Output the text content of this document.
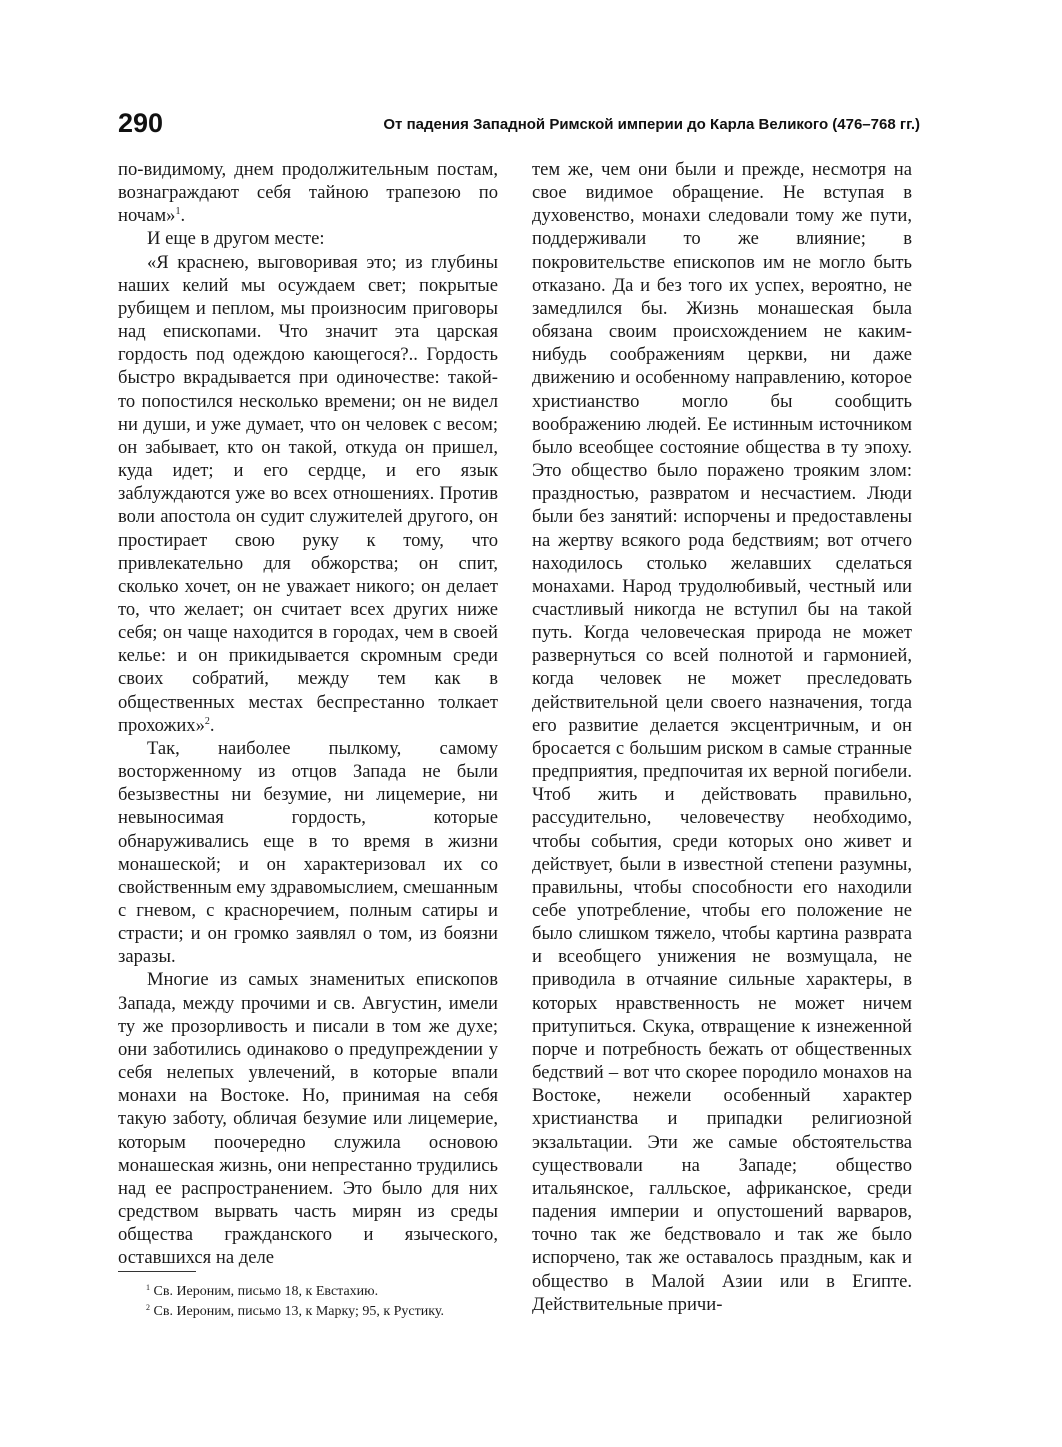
290	От падения Западной Римской империи до Карла Великого (476–768 гг.)

по-видимому, днем продолжительным постам, вознаграждают себя тайною трапезою по ночам»$^1$.

И еще в другом месте:

«Я краснею, выговоривая это; из глубины наших келий мы осуждаем свет; покрытые рубищем и пеплом, мы произносим приговоры над епископами. Что значит эта царская гордость под одеждою кающегося?.. Гордость быстро вкрадывается при одиночестве: такой-то попостился несколько времени; он не видел ни души, и уже думает, что он человек с весом; он забывает, кто он такой, откуда он пришел, куда идет; и его сердце, и его язык заблуждаются уже во всех отношениях. Против воли апостола он судит служителей другого, он простирает свою руку к тому, что привлекательно для обжорства; он спит, сколько хочет, он не уважает никого; он делает то, что желает; он считает всех других ниже себя; он чаще находится в городах, чем в своей келье: и он прикидывается скромным среди своих собратий, между тем как в общественных местах беспрестанно толкает прохожих»$^2$.

Так, наиболее пылкому, самому восторженному из отцов Запада не были безызвестны ни безумие, ни лицемерие, ни невыносимая гордость, которые обнаруживались еще в то время в жизни монашеской; и он характеризовал их со свойственным ему здравомыслием, смешанным с гневом, с красноречием, полным сатиры и страсти; и он громко заявлял о том, из боязни заразы.

Многие из самых знаменитых епископов Запада, между прочими и св. Августин, имели ту же прозорливость и писали в том же духе; они заботились одинаково о предупреждении у себя нелепых увлечений, в которые впали монахи на Востоке. Но, принимая на себя такую заботу, обличая безумие или лицемерие, которым поочередно служила основою монашеская жизнь, они непрестанно трудились над ее распространением. Это было для них средством вырвать часть мирян из среды общества гражданского и языческого, оставшихся на деле

тем же, чем они были и прежде, несмотря на свое видимое обращение. Не вступая в духовенство, монахи следовали тому же пути, поддерживали то же влияние; в покровительстве епископов им не могло быть отказано. Да и без того их успех, вероятно, не замедлился бы. Жизнь монашеская была обязана своим происхождением не каким-нибудь соображениям церкви, ни даже движению и особенному направлению, которое христианство могло бы сообщить воображению людей. Ее истинным источником было всеобщее состояние общества в ту эпоху. Это общество было поражено трояким злом: праздностью, развратом и несчастием. Люди были без занятий: испорчены и предоставлены на жертву всякого рода бедствиям; вот отчего находилось столько желавших сделаться монахами. Народ трудолюбивый, честный или счастливый никогда не вступил бы на такой путь. Когда человеческая природа не может развернуться со всей полнотой и гармонией, когда человек не может преследовать действительной цели своего назначения, тогда его развитие делается эксцентричным, и он бросается с большим риском в самые странные предприятия, предпочитая их верной погибели. Чтоб жить и действовать правильно, рассудительно, человечеству необходимо, чтобы события, среди которых оно живет и действует, были в известной степени разумны, правильны, чтобы способности его находили себе употребление, чтобы его положение не было слишком тяжело, чтобы картина разврата и всеобщего унижения не возмущала, не приводила в отчаяние сильные характеры, в которых нравственность не может ничем притупиться. Скука, отвращение к изнеженной порче и потребность бежать от общественных бедствий – вот что скорее породило монахов на Востоке, нежели особенный характер христианства и припадки религиозной экзальтации. Эти же самые обстоятельства существовали на Западе; общество итальянское, галльское, африканское, среди падения империи и опустошений варваров, точно так же бедствовало и так же было испорчено, так же оставалось праздным, как и общество в Малой Азии или в Египте. Действительные причи-

$^1$ Св. Иероним, письмо 18, к Евстахию.

$^2$ Св. Иероним, письмо 13, к Марку; 95, к Рустику.
